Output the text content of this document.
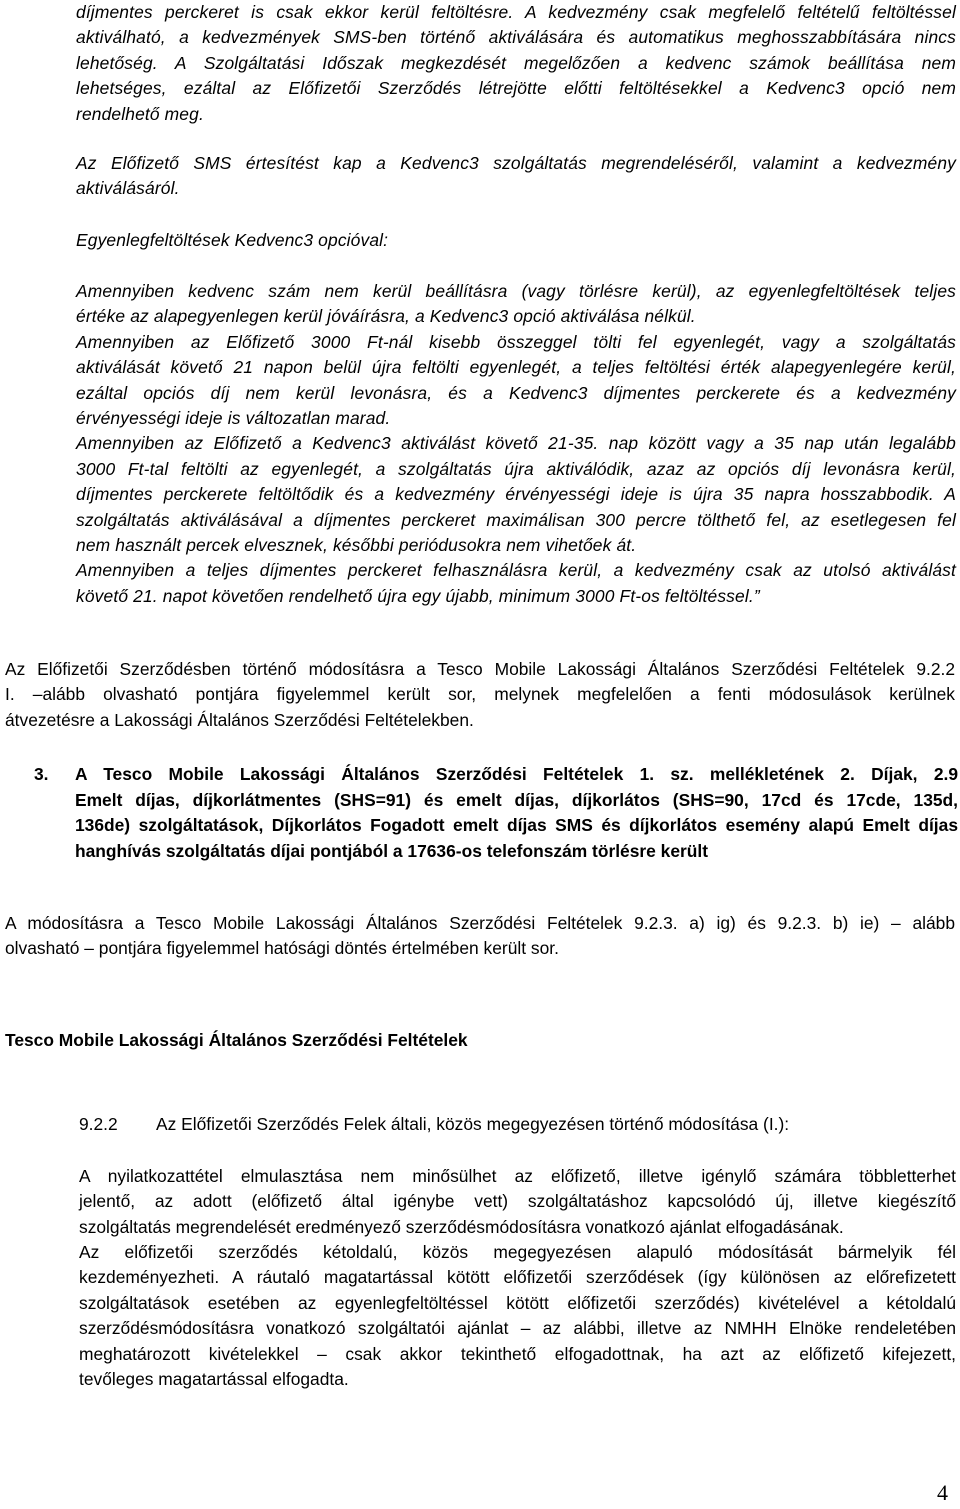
díjmentes perckeret is csak ekkor kerül feltöltésre. A kedvezmény csak megfelelő feltételű feltöltéssel

aktiválható, a kedvezmények SMS-ben történő aktiválására és automatikus meghosszabbítására nincs

lehetőség. A Szolgáltatási Időszak megkezdését megelőzően a kedvenc számok beállítása nem

lehetséges, ezáltal az Előfizetői Szerződés létrejötte előtti feltöltésekkel a Kedvenc3 opció nem

rendelhető meg.

Az Előfizető SMS értesítést kap a Kedvenc3 szolgáltatás megrendeléséről, valamint a kedvezmény

aktiválásáról.

Egyenlegfeltöltések Kedvenc3 opcióval:

Amennyiben kedvenc szám nem kerül beállításra (vagy törlésre kerül), az egyenlegfeltöltések teljes

értéke az alapegyenlegen kerül jóváírásra, a Kedvenc3 opció aktiválása nélkül.

Amennyiben az Előfizető 3000 Ft-nál kisebb összeggel tölti fel egyenlegét, vagy a szolgáltatás

aktiválását követő 21 napon belül újra feltölti egyenlegét, a teljes feltöltési érték alapegyenlegére kerül,

ezáltal opciós díj nem kerül levonásra, és a Kedvenc3 díjmentes perckerete és a kedvezmény

érvényességi ideje is változatlan marad.

Amennyiben az Előfizető a Kedvenc3 aktiválást követő 21-35. nap között vagy a 35 nap után legalább

3000 Ft-tal feltölti az egyenlegét, a szolgáltatás újra aktiválódik, azaz az opciós díj levonásra kerül,

díjmentes perckerete feltöltődik és a kedvezmény érvényességi ideje is újra 35 napra hosszabbodik. A

szolgáltatás aktiválásával a díjmentes perckeret maximálisan 300 percre tölthető fel, az esetlegesen fel

nem használt percek elvesznek, későbbi periódusokra nem vihetőek át.

Amennyiben a teljes díjmentes perckeret felhasználásra kerül, a kedvezmény csak az utolsó aktiválást

követő 21. napot követően rendelhető újra egy újabb, minimum 3000 Ft-os feltöltéssel.”

Az Előfizetői Szerződésben történő módosításra a Tesco Mobile Lakossági Általános Szerződési Feltételek 9.2.2

I. –alább olvasható pontjára figyelemmel került sor, melynek megfelelően a fenti módosulások kerülnek

átvezetésre a Lakossági Általános Szerződési Feltételekben.

3. A Tesco Mobile Lakossági Általános Szerződési Feltételek 1. sz. mellékletének 2. Díjak, 2.9
Emelt díjas, díjkorlátmentes (SHS=91) és emelt díjas, díjkorlátos (SHS=90, 17cd és 17cde, 135d,
136de) szolgáltatások, Díjkorlátos Fogadott emelt díjas SMS és díjkorlátos esemény alapú Emelt díjas
hanghívás szolgáltatás díjai pontjából a 17636-os telefonszám törlésre került

A módosításra a Tesco Mobile Lakossági Általános Szerződési Feltételek 9.2.3. a) ig) és 9.2.3. b) ie) – alább

olvasható – pontjára figyelemmel hatósági döntés értelmében került sor.

Tesco Mobile Lakossági Általános Szerződési Feltételek
9.2.2 Az Előfizetői Szerződés Felek általi, közös megegyezésen történő módosítása (I.):

A nyilatkozattétel elmulasztása nem minősülhet az előfizető, illetve igénylő számára többletterhet

jelentő, az adott (előfizető által igénybe vett) szolgáltatáshoz kapcsolódó új, illetve kiegészítő

szolgáltatás megrendelését eredményező szerződésmódosításra vonatkozó ajánlat elfogadásának.

Az előfizetői szerződés kétoldalú, közös megegyezésen alapuló módosítását bármelyik fél

kezdeményezheti. A ráutaló magatartással kötött előfizetői szerződések (így különösen az előrefizetett

szolgáltatások esetében az egyenlegfeltöltéssel kötött előfizetői szerződés) kivételével a kétoldalú

szerződésmódosításra vonatkozó szolgáltatói ajánlat – az alábbi, illetve az NMHH Elnöke rendeletében

meghatározott kivételekkel – csak akkor tekinthető elfogadottnak, ha azt az előfizető kifejezett,

tevőleges magatartással elfogadta.

4
